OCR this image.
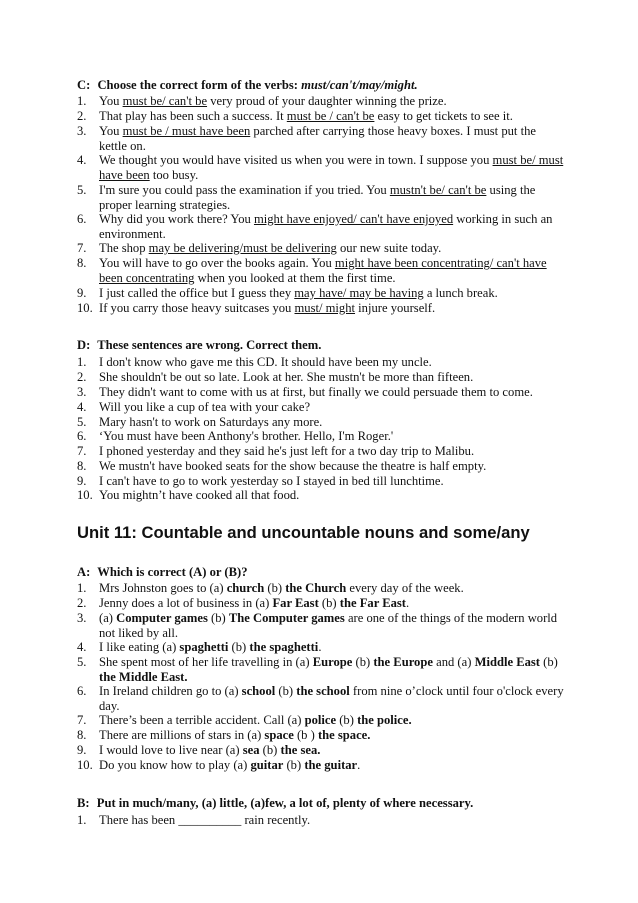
C: Choose the correct form of the verbs: must/can't/may/might.
1. You must be/ can't be very proud of your daughter winning the prize.
2. That play has been such a success. It must be / can't be easy to get tickets to see it.
3. You must be / must have been parched after carrying those heavy boxes. I must put the kettle on.
4. We thought you would have visited us when you were in town. I suppose you must be/ must have been too busy.
5. I'm sure you could pass the examination if you tried. You mustn't be/ can't be using the proper learning strategies.
6. Why did you work there? You might have enjoyed/ can't have enjoyed working in such an environment.
7. The shop may be delivering/must be delivering our new suite today.
8. You will have to go over the books again. You might have been concentrating/ can't have been concentrating when you looked at them the first time.
9. I just called the office but I guess they may have/ may be having a lunch break.
10. If you carry those heavy suitcases you must/ might injure yourself.
D: These sentences are wrong. Correct them.
1. I don't know who gave me this CD. It should have been my uncle.
2. She shouldn't be out so late. Look at her. She mustn't be more than fifteen.
3. They didn't want to come with us at first, but finally we could persuade them to come.
4. Will you like a cup of tea with your cake?
5. Mary hasn't to work on Saturdays any more.
6. ‘You must have been Anthony's brother. Hello, I'm Roger.'
7. I phoned yesterday and they said he's just left for a two day trip to Malibu.
8. We mustn't have booked seats for the show because the theatre is half empty.
9. I can't have to go to work yesterday so I stayed in bed till lunchtime.
10. You mightn’t have cooked all that food.
Unit 11: Countable and uncountable nouns and some/any
A: Which is correct (A) or (B)?
1. Mrs Johnston goes to (a) church (b) the Church every day of the week.
2. Jenny does a lot of business in (a) Far East (b) the Far East.
3. (a) Computer games (b) The Computer games are one of the things of the modern world not liked by all.
4. I like eating (a) spaghetti (b) the spaghetti.
5. She spent most of her life travelling in (a) Europe (b) the Europe and (a) Middle East (b) the Middle East.
6. In Ireland children go to (a) school (b) the school from nine o’clock until four o'clock every day.
7. There’s been a terrible accident. Call (a) police (b) the police.
8. There are millions of stars in (a) space (b ) the space.
9. I would love to live near (a) sea (b) the sea.
10. Do you know how to play (a) guitar (b) the guitar.
B: Put in much/many, (a) little, (a)few, a lot of, plenty of where necessary.
1. There has been __________ rain recently.
